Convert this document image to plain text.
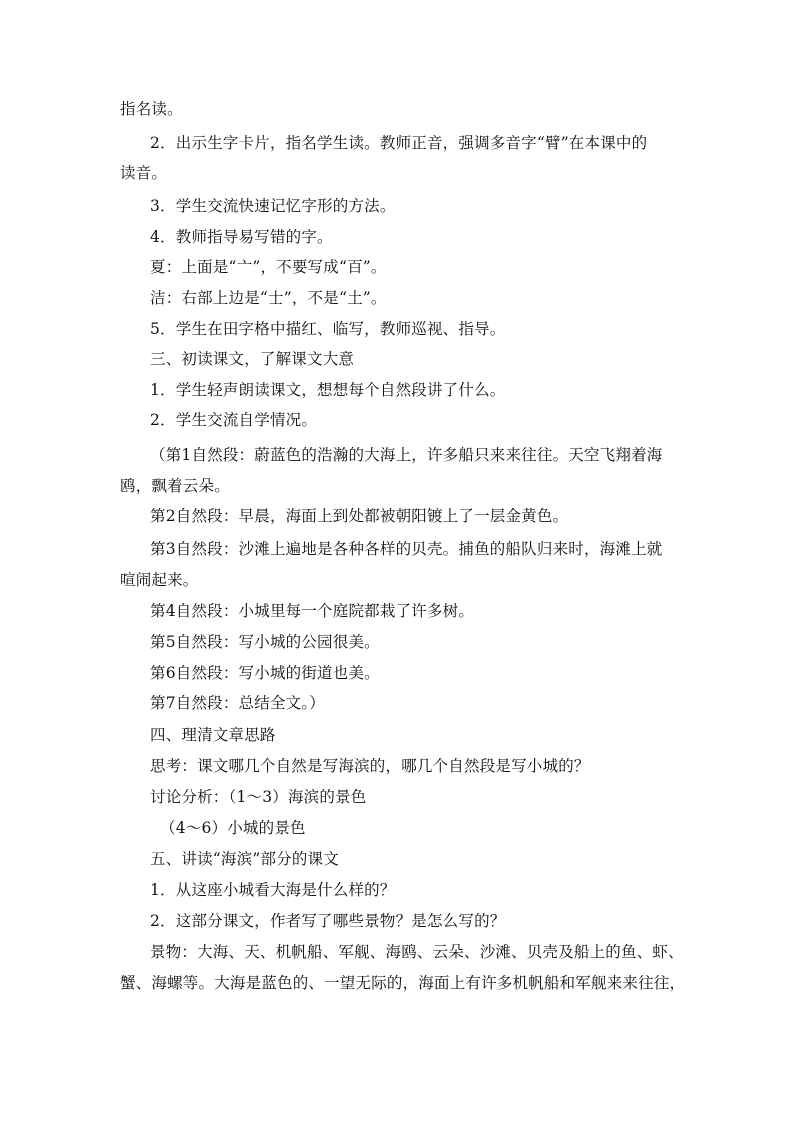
指名读。
2．出示生字卡片，指名学生读。教师正音，强调多音字“臂”在本课中的
读音。
3．学生交流快速记忆字形的方法。
4．教师指导易写错的字。
夏：上面是“亠”，不要写成“百”。
洁：右部上边是“士”，不是“土”。
5．学生在田字格中描红、临写，教师巡视、指导。
三、初读课文，了解课文大意
1．学生轻声朗读课文，想想每个自然段讲了什么。
2．学生交流自学情况。
（第1自然段：蔚蓝色的浩瀚的大海上，许多船只来来往往。天空飞翔着海
鸥，飘着云朵。
第2自然段：早晨，海面上到处都被朝阳镀上了一层金黄色。
第3自然段：沙滩上遍地是各种各样的贝壳。捕鱼的船队归来时，海滩上就
喧闹起来。
第4自然段：小城里每一个庭院都栽了许多树。
第5自然段：写小城的公园很美。
第6自然段：写小城的街道也美。
第7自然段：总结全文。）
四、理清文章思路
思考：课文哪几个自然是写海滨的，哪几个自然段是写小城的？
讨论分析：（1～3）海滨的景色
（4～6）小城的景色
五、讲读“海滨”部分的课文
1．从这座小城看大海是什么样的？
2．这部分课文，作者写了哪些景物？是怎么写的？
景物：大海、天、机帆船、军舰、海鸥、云朵、沙滩、贝壳及船上的鱼、虾、
蟹、海螺等。大海是蓝色的、一望无际的，海面上有许多机帆船和军舰来来往往，
